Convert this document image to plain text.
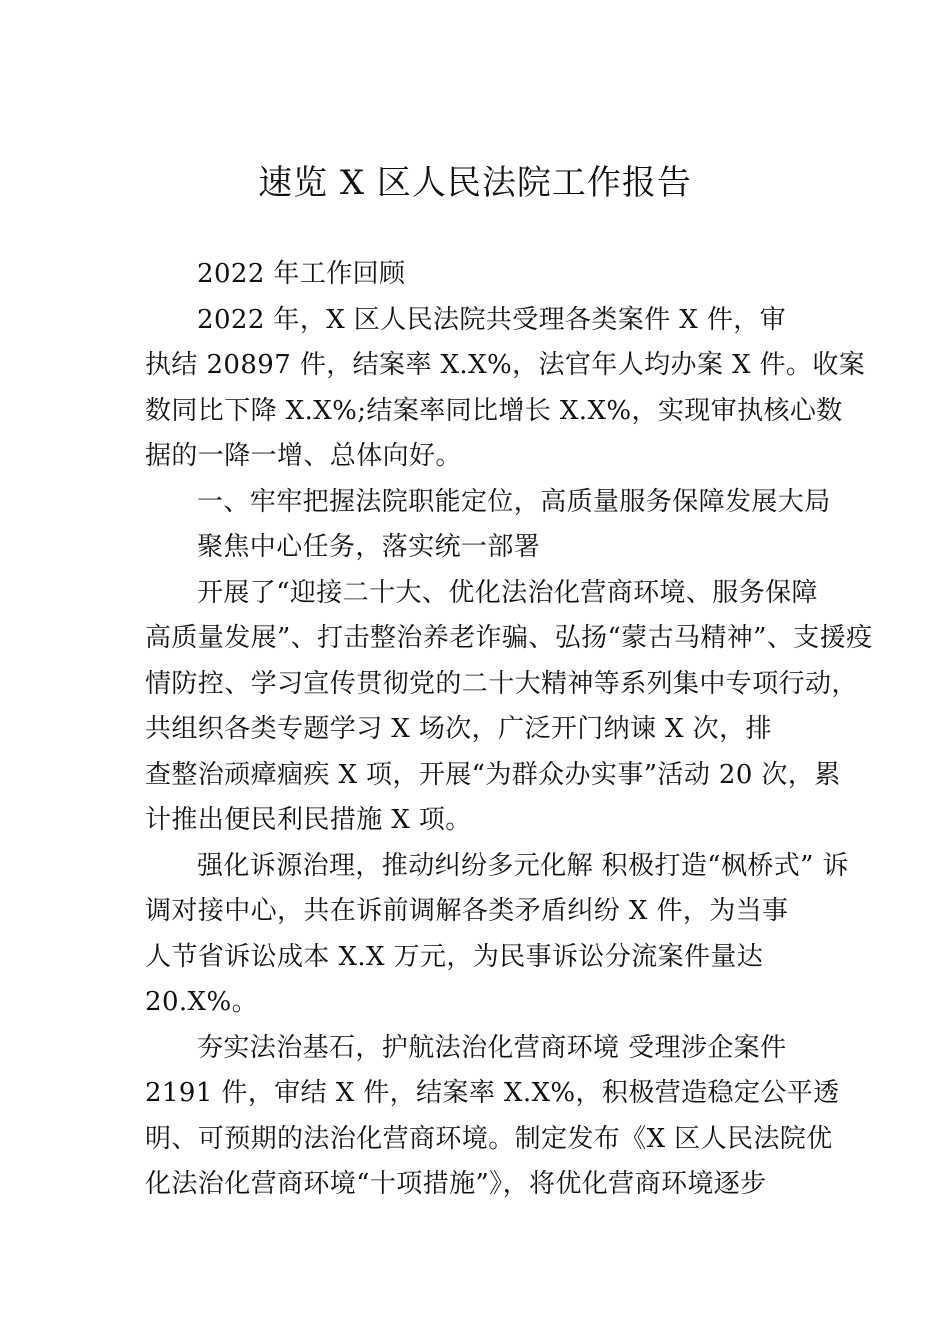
速览 X 区人民法院工作报告
2022 年工作回顾
2022 年，X 区人民法院共受理各类案件 X 件，审
执结 20897 件，结案率 X.X%，法官年人均办案 X 件。收案
数同比下降 X.X%;结案率同比增长 X.X%，实现审执核心数
据的一降一增、总体向好。
一、牢牢把握法院职能定位，高质量服务保障发展大局
聚焦中心任务，落实统一部署
开展了“迎接二十大、优化法治化营商环境、服务保障
高质量发展”、打击整治养老诈骗、弘扬“蒙古马精神”、支援疫
情防控、学习宣传贯彻党的二十大精神等系列集中专项行动，
共组织各类专题学习 X 场次，广泛开门纳谏 X 次，排
查整治顽瘴痼疾 X 项，开展“为群众办实事”活动 20 次，累
计推出便民利民措施 X 项。
强化诉源治理，推动纠纷多元化解 积极打造“枫桥式” 诉
调对接中心，共在诉前调解各类矛盾纠纷 X 件，为当事
人节省诉讼成本 X.X 万元，为民事诉讼分流案件量达
20.X%。
夯实法治基石，护航法治化营商环境 受理涉企案件
2191 件，审结 X 件，结案率 X.X%，积极营造稳定公平透
明、可预期的法治化营商环境。制定发布《X 区人民法院优
化法治化营商环境“十项措施”》，将优化营商环境逐步
